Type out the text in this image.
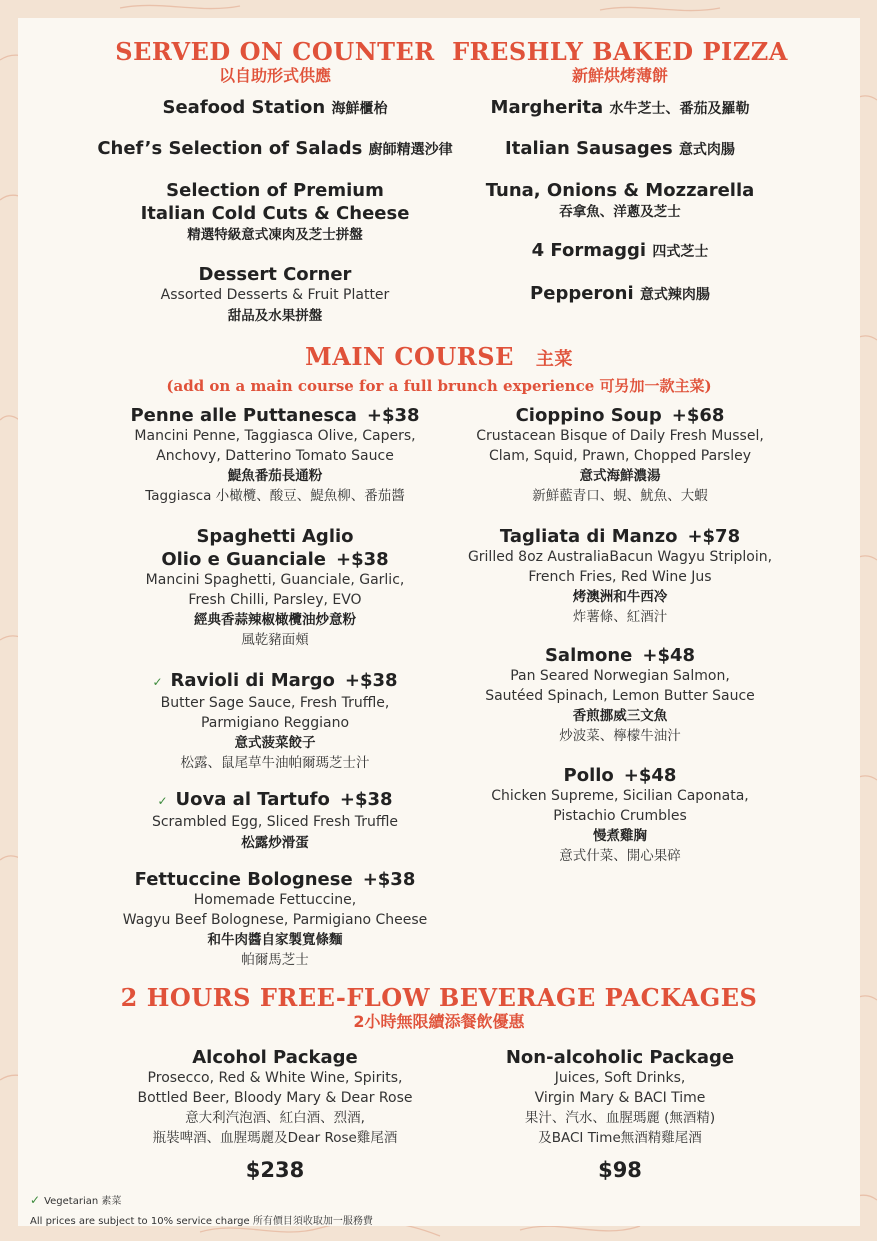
SERVED ON COUNTER
以自助形式供應
Seafood Station 海鮮櫃枱
Chef’s Selection of Salads 廚師精選沙律
Selection of Premium
Italian Cold Cuts & Cheese
精選特級意式凍肉及芝士拼盤
Dessert Corner
Assorted Desserts & Fruit Platter
甜品及水果拼盤
FRESHLY BAKED PIZZA
新鮮烘烤薄餅
Margherita 水牛芝士、番茄及羅勒
Italian Sausages 意式肉腸
Tuna, Onions & Mozzarella
吞拿魚、洋蔥及芝士
4 Formaggi 四式芝士
Pepperoni 意式辣肉腸
MAIN COURSE 主菜
(add on a main course for a full brunch experience 可另加一款主菜)
Penne alle Puttanesca +$38
Mancini Penne, Taggiasca Olive, Capers,
Anchovy, Datterino Tomato Sauce
鯷魚番茄長通粉
Taggiasca 小橄欖、酸豆、鯷魚柳、番茄醬
Spaghetti Aglio
Olio e Guanciale +$38
Mancini Spaghetti, Guanciale, Garlic,
Fresh Chilli, Parsley, EVO
經典香蒜辣椒橄欖油炒意粉
風乾豬面頰
✓ Ravioli di Margo +$38
Butter Sage Sauce, Fresh Truffle,
Parmigiano Reggiano
意式菠菜餃子
松露、鼠尾草牛油帕爾瑪芝士汁
✓ Uova al Tartufo +$38
Scrambled Egg, Sliced Fresh Truffle
松露炒滑蛋
Fettuccine Bolognese +$38
Homemade Fettuccine,
Wagyu Beef Bolognese, Parmigiano Cheese
和牛肉醬自家製寬條麵
帕爾馬芝士
Cioppino Soup +$68
Crustacean Bisque of Daily Fresh Mussel,
Clam, Squid, Prawn, Chopped Parsley
意式海鮮濃湯
新鮮藍青口、蜆、魷魚、大蝦
Tagliata di Manzo +$78
Grilled 8oz AustraliaBacun Wagyu Striploin,
French Fries, Red Wine Jus
烤澳洲和牛西冷
炸薯條、紅酒汁
Salmone +$48
Pan Seared Norwegian Salmon,
Sautéed Spinach, Lemon Butter Sauce
香煎挪威三文魚
炒波菜、檸檬牛油汁
Pollo +$48
Chicken Supreme, Sicilian Caponata,
Pistachio Crumbles
慢煮雞胸
意式什菜、開心果碎
2 HOURS FREE-FLOW BEVERAGE PACKAGES
2小時無限續添餐飲優惠
Alcohol Package
Prosecco, Red & White Wine, Spirits,
Bottled Beer, Bloody Mary & Dear Rose
意大利汽泡酒、紅白酒、烈酒,
瓶裝啤酒、血腥瑪麗及Dear Rose雞尾酒
$238
Non-alcoholic Package
Juices, Soft Drinks,
Virgin Mary & BACI Time
果汁、汽水、血腥瑪麗 (無酒精)
及BACI Time無酒精雞尾酒
$98
✓ Vegetarian 素菜
All prices are subject to 10% service charge 所有價目須收取加一服務費
